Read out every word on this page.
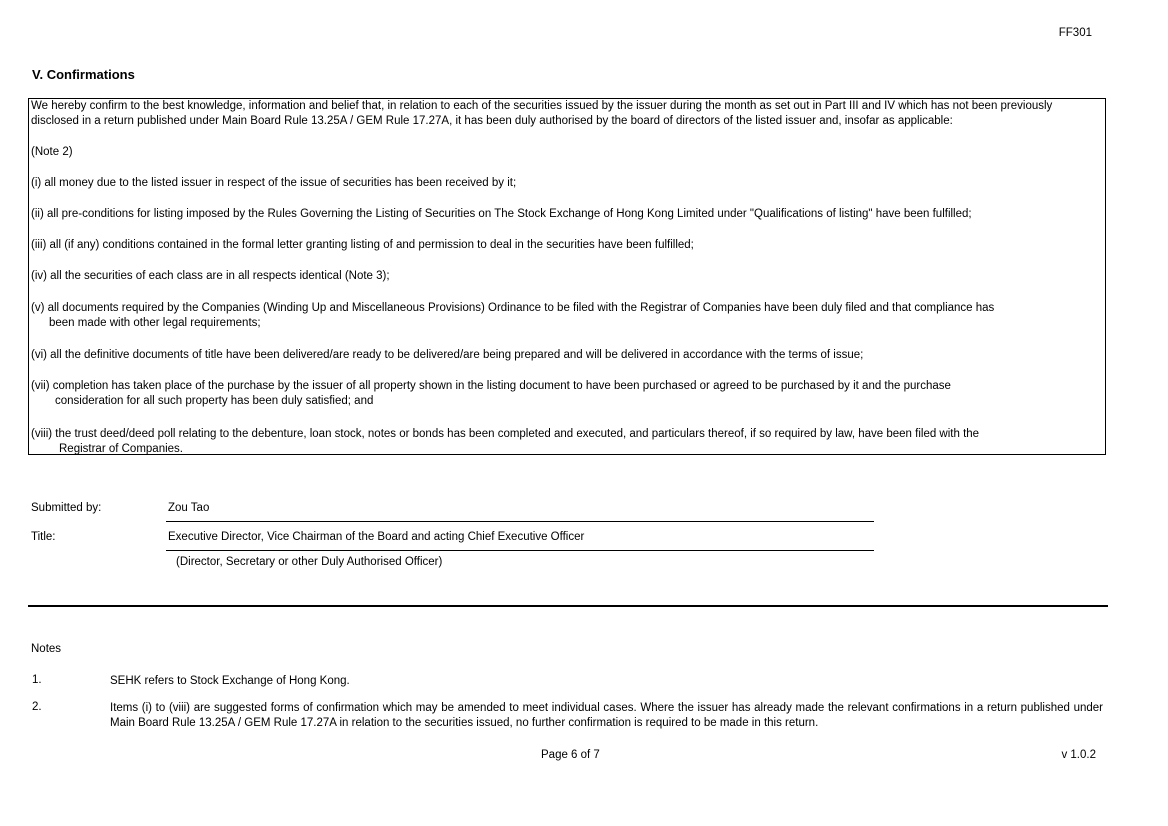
FF301
V. Confirmations
We hereby confirm to the best knowledge, information and belief that, in relation to each of the securities issued by the issuer during the month as set out in Part III and IV which has not been previously disclosed in a return published under Main Board Rule 13.25A / GEM Rule 17.27A, it has been duly authorised by the board of directors of the listed issuer and, insofar as applicable:
(Note 2)
(i) all money due to the listed issuer in respect of the issue of securities has been received by it;
(ii) all pre-conditions for listing imposed by the Rules Governing the Listing of Securities on The Stock Exchange of Hong Kong Limited under "Qualifications of listing" have been fulfilled;
(iii) all (if any) conditions contained in the formal letter granting listing of and permission to deal in the securities have been fulfilled;
(iv) all the securities of each class are in all respects identical (Note 3);
(v) all documents required by the Companies (Winding Up and Miscellaneous Provisions) Ordinance to be filed with the Registrar of Companies have been duly filed and that compliance has
been made with other legal requirements;
(vi) all the definitive documents of title have been delivered/are ready to be delivered/are being prepared and will be delivered in accordance with the terms of issue;
(vii) completion has taken place of the purchase by the issuer of all property shown in the listing document to have been purchased or agreed to be purchased by it and the purchase
consideration for all such property has been duly satisfied; and
(viii) the trust deed/deed poll relating to the debenture, loan stock, notes or bonds has been completed and executed, and particulars thereof, if so required by law, have been filed with the
Registrar of Companies.
Submitted by:	Zou Tao
Title:	Executive Director, Vice Chairman of the Board and acting Chief Executive Officer
(Director, Secretary or other Duly Authorised Officer)
Notes
1.	SEHK refers to Stock Exchange of Hong Kong.
2.	Items (i) to (viii) are suggested forms of confirmation which may be amended to meet individual cases. Where the issuer has already made the relevant confirmations in a return published under Main Board Rule 13.25A / GEM Rule 17.27A in relation to the securities issued, no further confirmation is required to be made in this return.
Page 6 of 7	v 1.0.2
